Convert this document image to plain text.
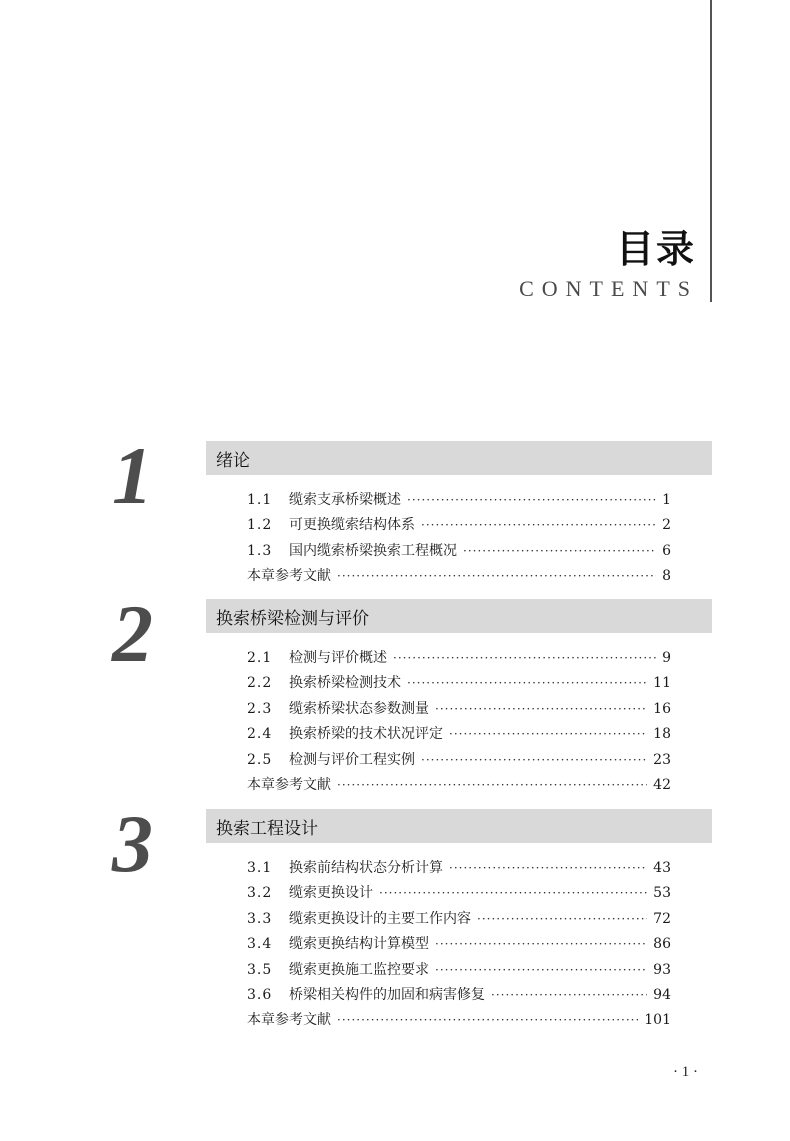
目录
CONTENTS
1	绪论
1.1	缆索支承桥梁概述 ·····	1
1.2	可更换缆索结构体系 ·····	2
1.3	国内缆索桥梁换索工程概况 ·····	6
本章参考文献 ·····	8
2	换索桥梁检测与评价
2.1	检测与评价概述 ·····	9
2.2	换索桥梁检测技术 ·····	11
2.3	缆索桥梁状态参数测量 ·····	16
2.4	换索桥梁的技术状况评定 ·····	18
2.5	检测与评价工程实例 ·····	23
本章参考文献 ·····	42
3	换索工程设计
3.1	换索前结构状态分析计算 ·····	43
3.2	缆索更换设计 ·····	53
3.3	缆索更换设计的主要工作内容 ·····	72
3.4	缆索更换结构计算模型 ·····	86
3.5	缆索更换施工监控要求 ·····	93
3.6	桥梁相关构件的加固和病害修复 ·····	94
本章参考文献 ·····	101
· 1 ·
